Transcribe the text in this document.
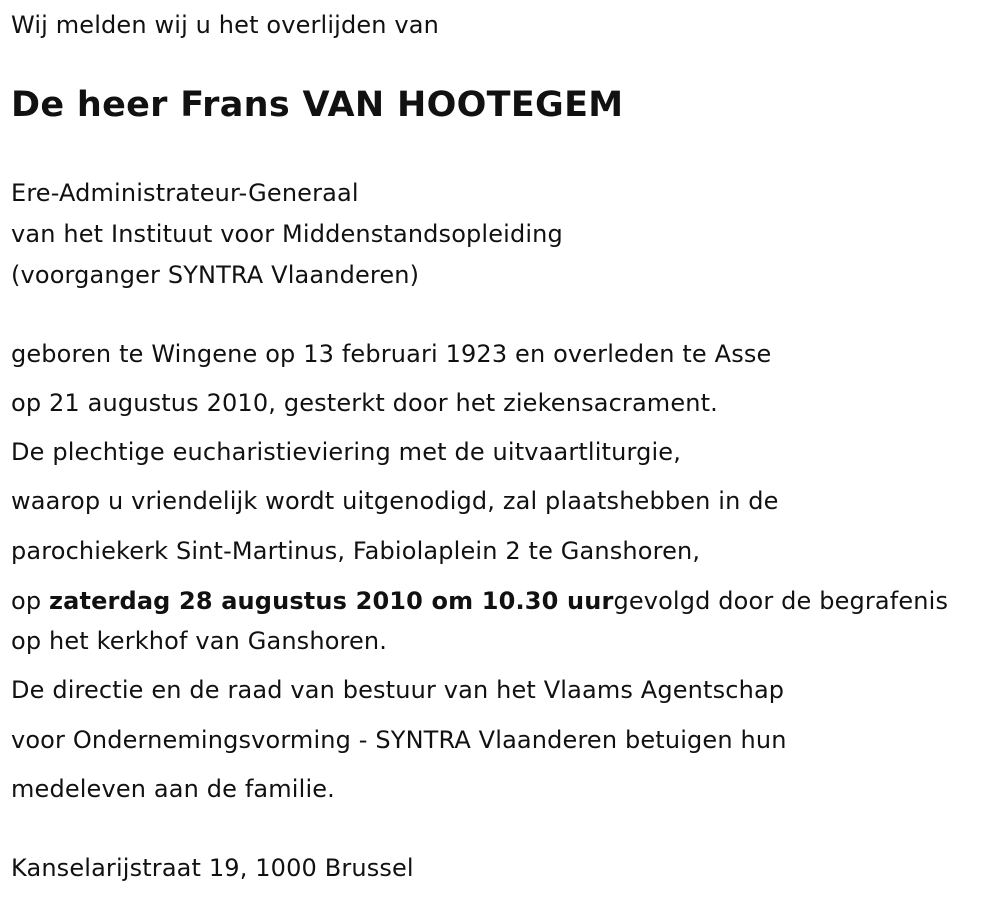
Wij melden wij u het overlijden van
De heer Frans VAN HOOTEGEM
Ere-Administrateur-Generaal
van het Instituut voor Middenstandsopleiding
(voorganger SYNTRA Vlaanderen)
geboren te Wingene op 13 februari 1923 en overleden te Asse
op 21 augustus 2010, gesterkt door het ziekensacrament.
De plechtige eucharistieviering met de uitvaartliturgie,
waarop u vriendelijk wordt uitgenodigd, zal plaatshebben in de
parochiekerk Sint-Martinus, Fabiolaplein 2 te Ganshoren,
op zaterdag 28 augustus 2010 om 10.30 uurgevolgd door de begrafenis
op het kerkhof van Ganshoren.
De directie en de raad van bestuur van het Vlaams Agentschap
voor Ondernemingsvorming - SYNTRA Vlaanderen betuigen hun
medeleven aan de familie.
Kanselarijstraat 19, 1000 Brussel
